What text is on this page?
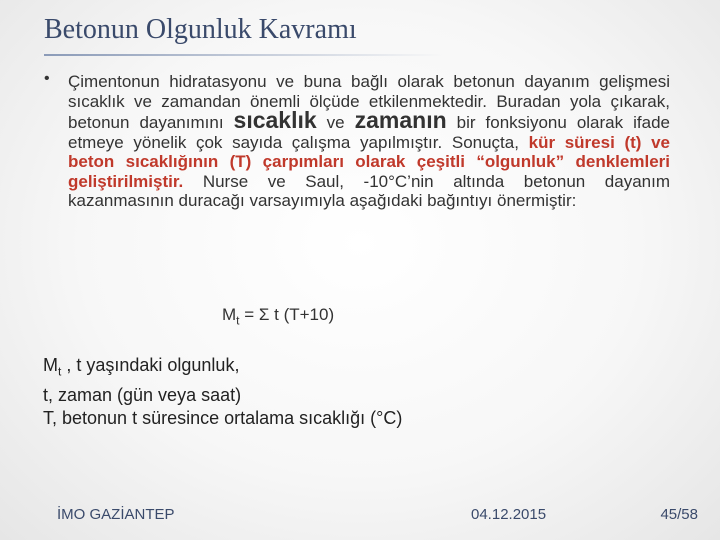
Betonun Olgunluk Kavramı
• Çimentonun hidratasyonu ve buna bağlı olarak betonun dayanım gelişmesi sıcaklık ve zamandan önemli ölçüde etkilenmektedir. Buradan yola çıkarak, betonun dayanımını sıcaklık ve zamanın bir fonksiyonu olarak ifade etmeye yönelik çok sayıda çalışma yapılmıştır. Sonuçta, kür süresi (t) ve beton sıcaklığının (T) çarpımları olarak çeşitli “olgunluk” denklemleri geliştirilmiştir. Nurse ve Saul, -10°C’nin altında betonun dayanım kazanmasının duracağı varsayımıyla aşağıdaki bağıntıyı önermiştir:
$M_t = \Sigma$ t (T+10)
$M_t$ , t yaşındaki olgunluk,
t, zaman (gün veya saat)
T, betonun t süresince ortalama sıcaklığı (°C)
İMO GAZİANTEP	04.12.2015	45/58
